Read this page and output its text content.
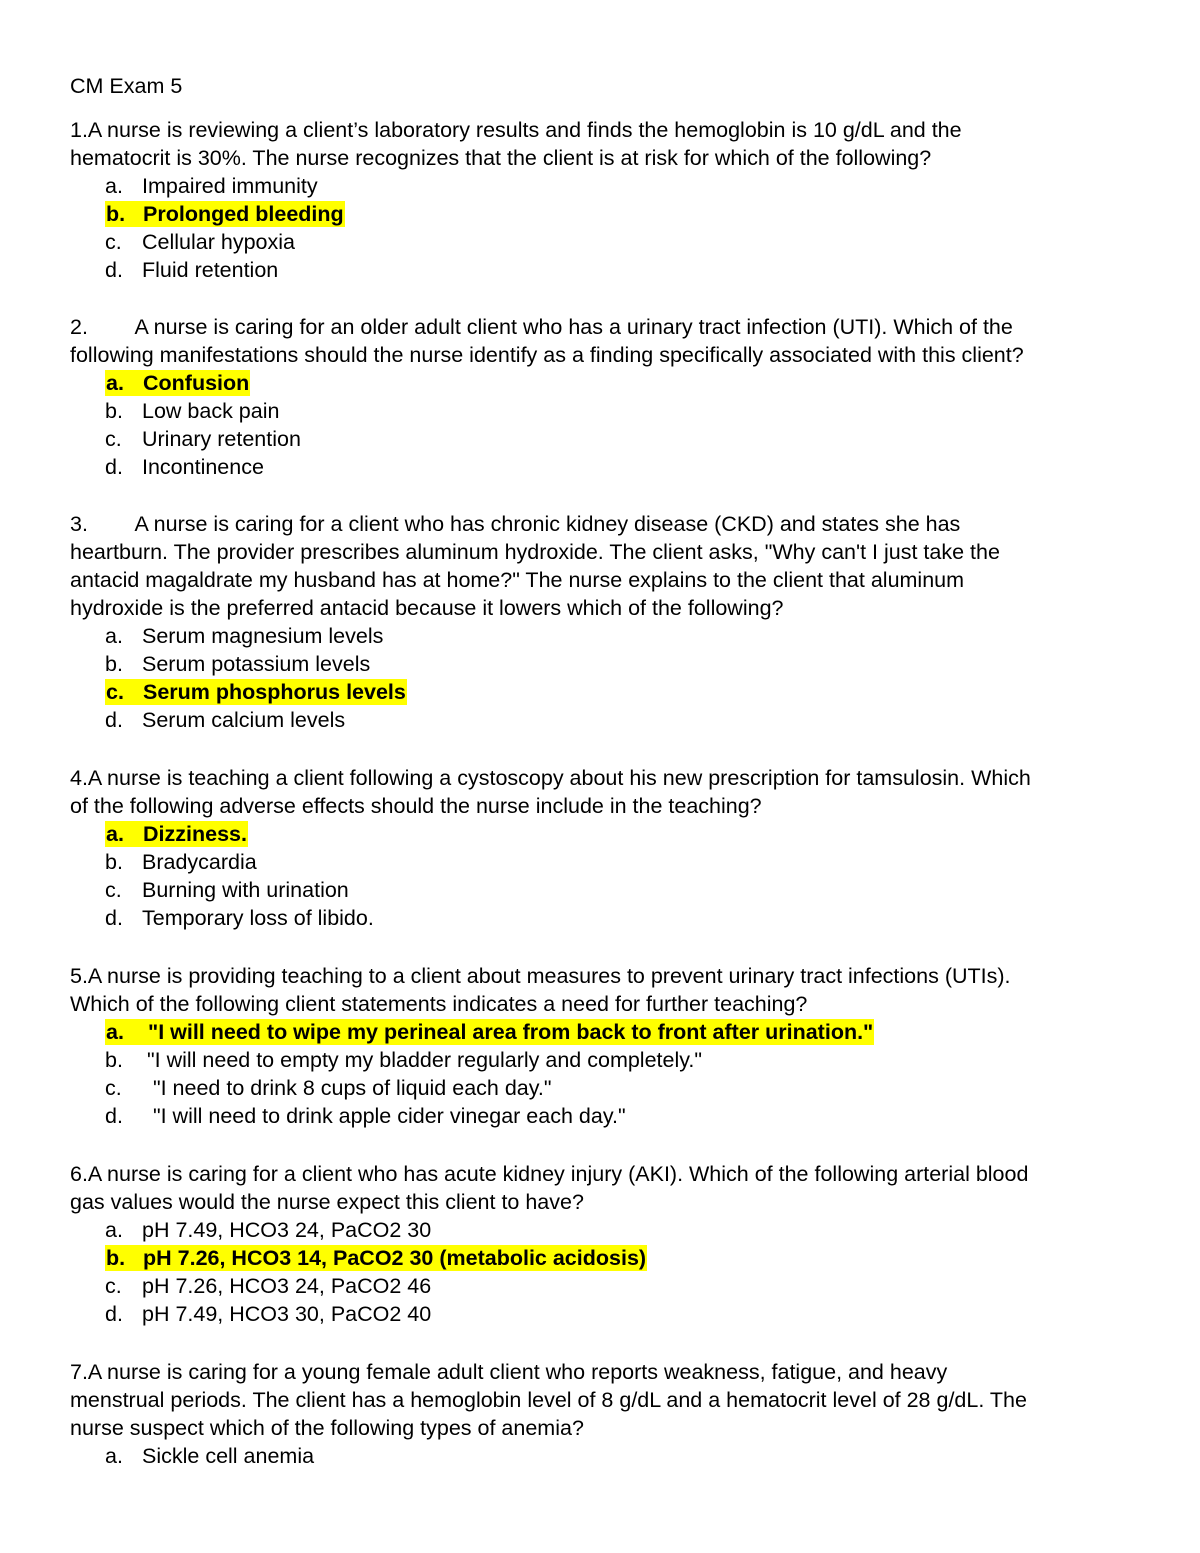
CM Exam 5

1.A nurse is reviewing a client’s laboratory results and finds the hemoglobin is 10 g/dL and the

hematocrit is 30%. The nurse recognizes that the client is at risk for which of the following?

a. Impaired immunity

b. Prolonged bleeding

c. Cellular hypoxia

d. Fluid retention

2.        A nurse is caring for an older adult client who has a urinary tract infection (UTI). Which of the

following manifestations should the nurse identify as a finding specifically associated with this client?

a. Confusion

b. Low back pain

c. Urinary retention

d. Incontinence

3.        A nurse is caring for a client who has chronic kidney disease (CKD) and states she has

heartburn. The provider prescribes aluminum hydroxide. The client asks, "Why can't I just take the

antacid magaldrate my husband has at home?" The nurse explains to the client that aluminum

hydroxide is the preferred antacid because it lowers which of the following?

a. Serum magnesium levels

b. Serum potassium levels

c. Serum phosphorus levels

d. Serum calcium levels

4.A nurse is teaching a client following a cystoscopy about his new prescription for tamsulosin. Which

of the following adverse effects should the nurse include in the teaching?

a. Dizziness.

b. Bradycardia

c. Burning with urination

d. Temporary loss of libido.

5.A nurse is providing teaching to a client about measures to prevent urinary tract infections (UTIs).

Which of the following client statements indicates a need for further teaching?

a. "I will need to wipe my perineal area from back to front after urination."

b. "I will need to empty my bladder regularly and completely."

c. "I need to drink 8 cups of liquid each day."

d. "I will need to drink apple cider vinegar each day."

6.A nurse is caring for a client who has acute kidney injury (AKI). Which of the following arterial blood

gas values would the nurse expect this client to have?

a. pH 7.49, HCO3 24, PaCO2 30

b. pH 7.26, HCO3 14, PaCO2 30 (metabolic acidosis)

c. pH 7.26, HCO3 24, PaCO2 46

d. pH 7.49, HCO3 30, PaCO2 40

7.A nurse is caring for a young female adult client who reports weakness, fatigue, and heavy

menstrual periods. The client has a hemoglobin level of 8 g/dL and a hematocrit level of 28 g/dL. The

nurse suspect which of the following types of anemia?

a. Sickle cell anemia
